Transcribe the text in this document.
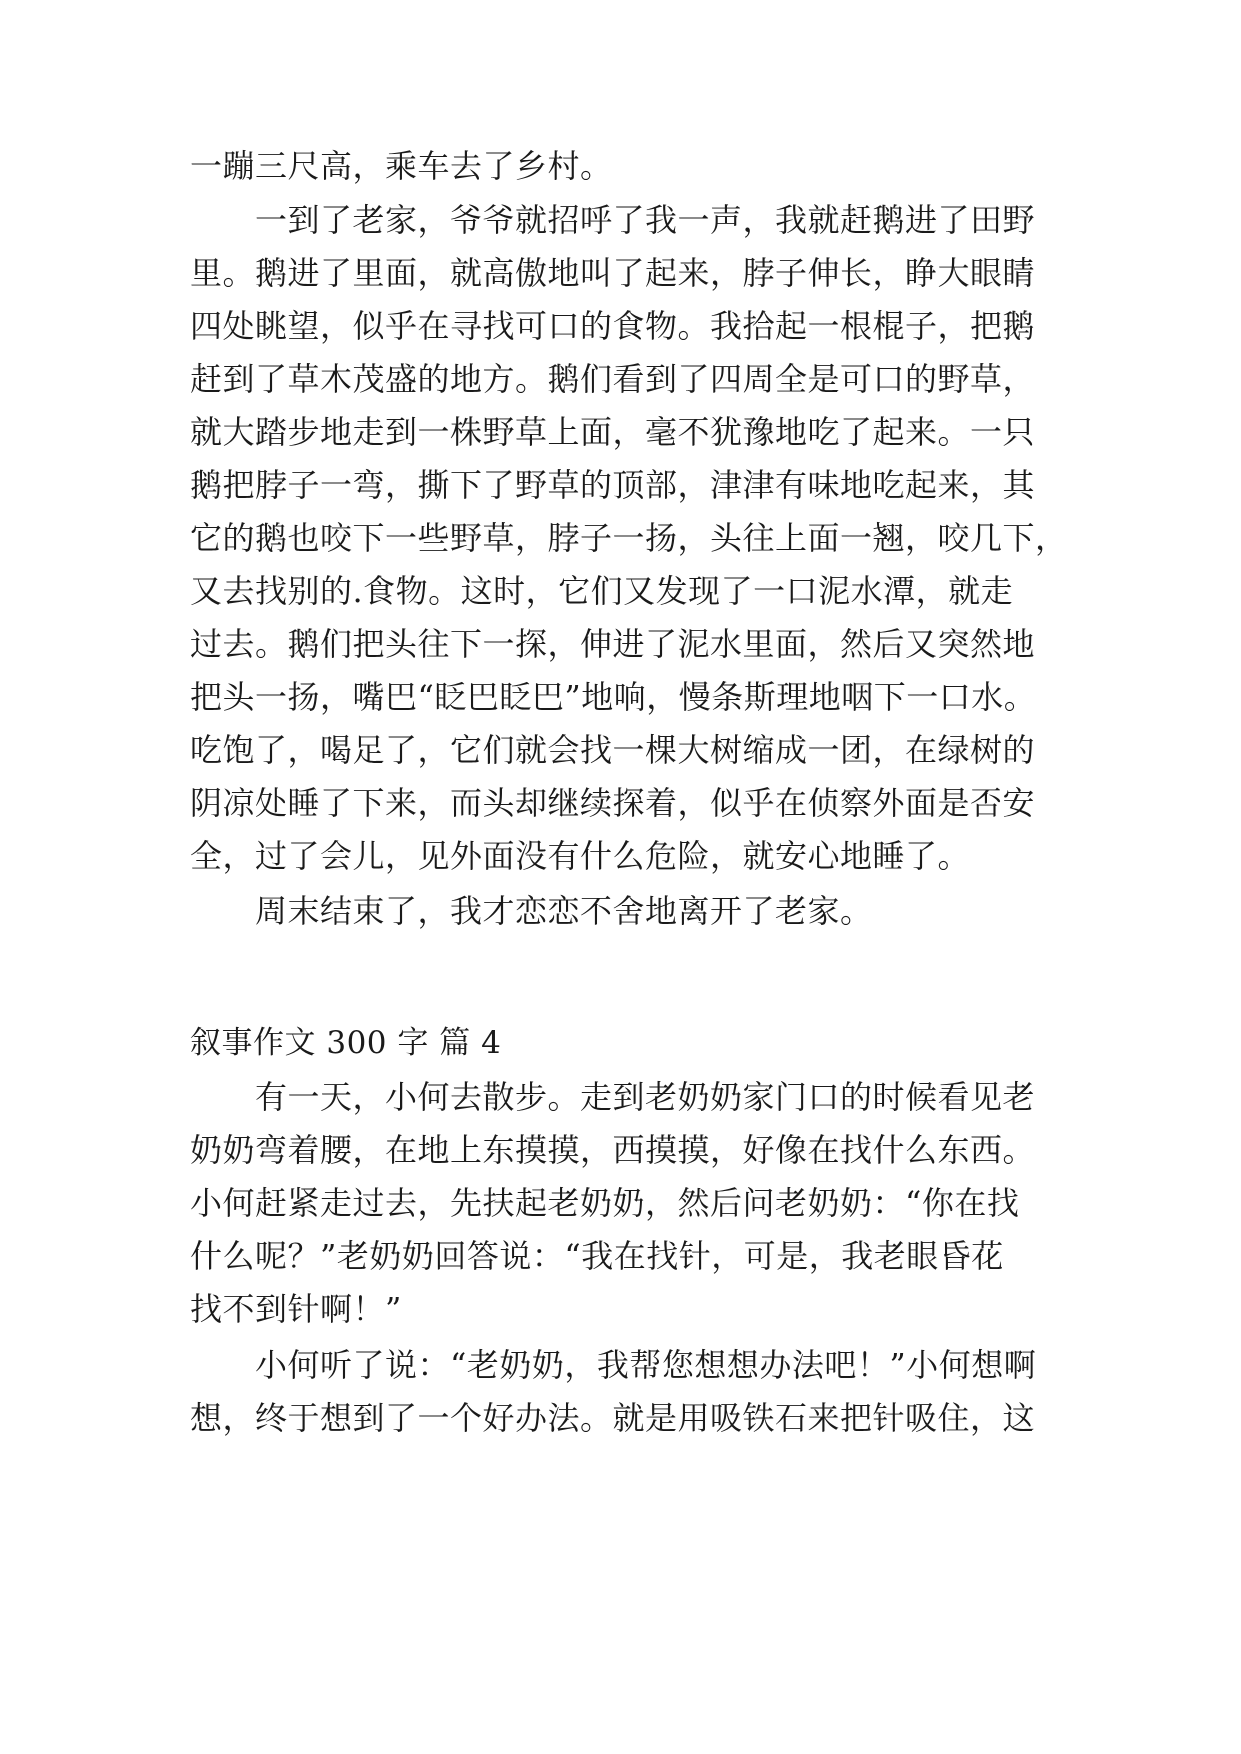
一蹦三尺高，乘车去了乡村。
一到了老家，爷爷就招呼了我一声，我就赶鹅进了田野
里。鹅进了里面，就高傲地叫了起来，脖子伸长，睁大眼睛
四处眺望，似乎在寻找可口的食物。我拾起一根棍子，把鹅
赶到了草木茂盛的地方。鹅们看到了四周全是可口的野草，
就大踏步地走到一株野草上面，毫不犹豫地吃了起来。一只
鹅把脖子一弯，撕下了野草的顶部，津津有味地吃起来，其
它的鹅也咬下一些野草，脖子一扬，头往上面一翘，咬几下，
又去找别的.食物。这时，它们又发现了一口泥水潭，就走
过去。鹅们把头往下一探，伸进了泥水里面，然后又突然地
把头一扬，嘴巴“眨巴眨巴”地响，慢条斯理地咽下一口水。
吃饱了，喝足了，它们就会找一棵大树缩成一团，在绿树的
阴凉处睡了下来，而头却继续探着，似乎在侦察外面是否安
全，过了会儿，见外面没有什么危险，就安心地睡了。
周末结束了，我才恋恋不舍地离开了老家。
叙事作文 300 字 篇 4
有一天，小何去散步。走到老奶奶家门口的时候看见老
奶奶弯着腰，在地上东摸摸，西摸摸，好像在找什么东西。
小何赶紧走过去，先扶起老奶奶，然后问老奶奶：“你在找
什么呢？”老奶奶回答说：“我在找针，可是，我老眼昏花
找不到针啊！”
小何听了说：“老奶奶，我帮您想想办法吧！”小何想啊
想，终于想到了一个好办法。就是用吸铁石来把针吸住，这
